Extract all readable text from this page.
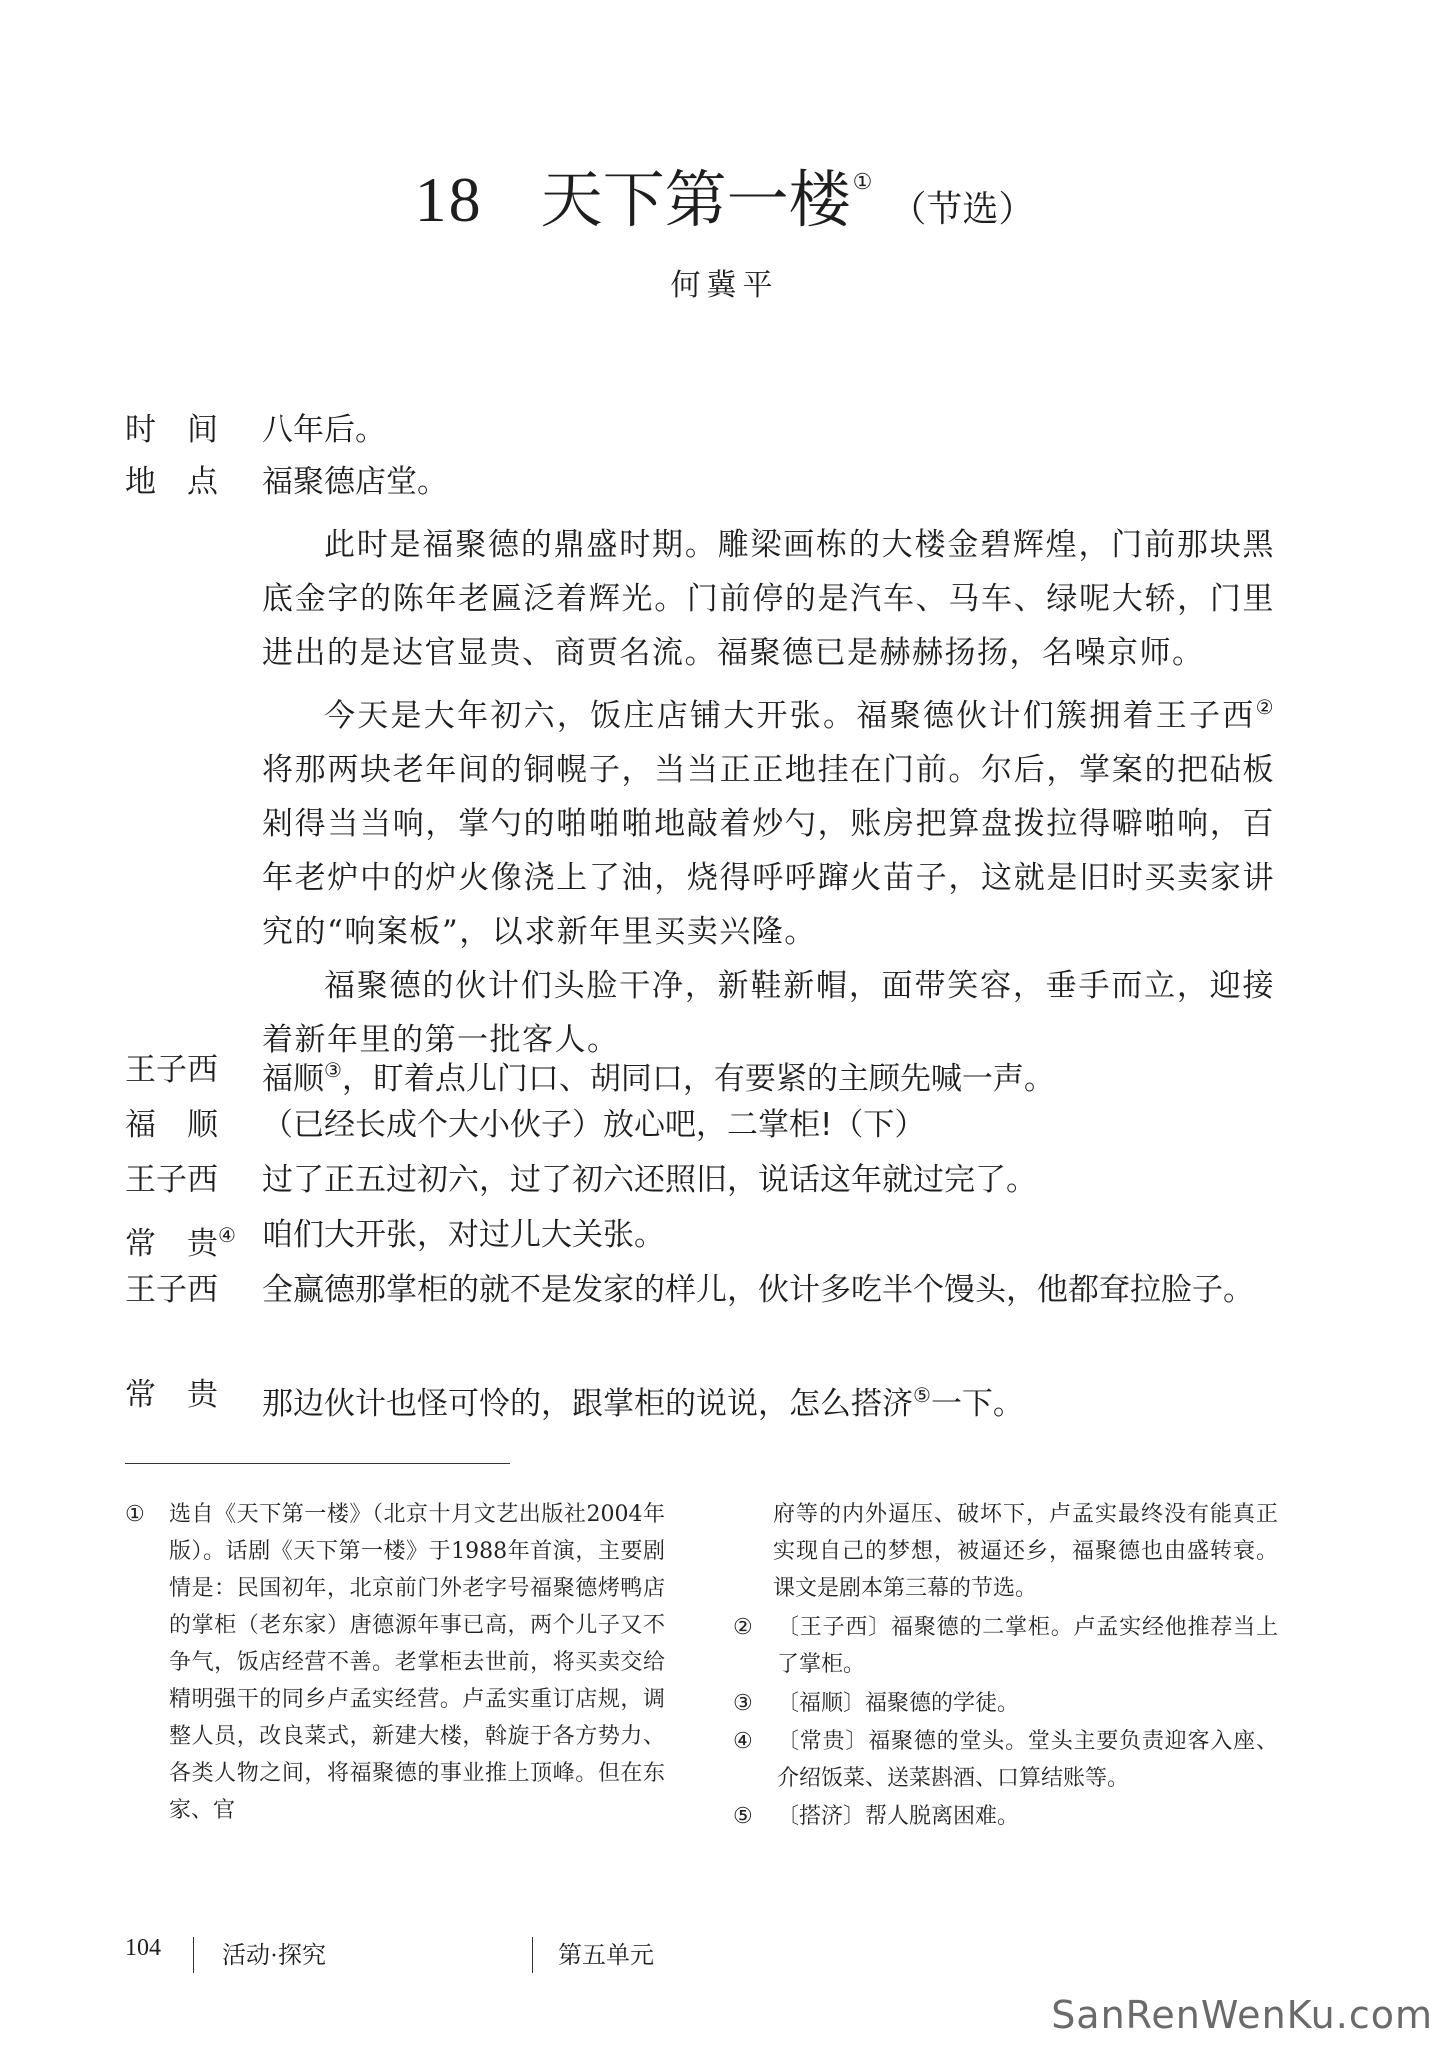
18 天下第一楼①（节选）
何冀平
时　间	八年后。
地　点	福聚德店堂。

此时是福聚德的鼎盛时期。雕梁画栋的大楼金碧辉煌，门前那块黑底金字的陈年老匾泛着辉光。门前停的是汽车、马车、绿呢大轿，门里进出的是达官显贵、商贾名流。福聚德已是赫赫扬扬，名噪京师。

今天是大年初六，饭庄店铺大开张。福聚德伙计们簇拥着王子西②将那两块老年间的铜幌子，当当正正地挂在门前。尔后，掌案的把砧板剁得当当响，掌勺的啪啪啪地敲着炒勺，账房把算盘拨拉得噼啪响，百年老炉中的炉火像浇上了油，烧得呼呼蹿火苗子，这就是旧时买卖家讲究的“响案板”，以求新年里买卖兴隆。

福聚德的伙计们头脸干净，新鞋新帽，面带笑容，垂手而立，迎接着新年里的第一批客人。

王子西	福顺③，盯着点儿门口、胡同口，有要紧的主顾先喊一声。
福　顺	（已经长成个大小伙子）放心吧，二掌柜!（下）
王子西	过了正五过初六，过了初六还照旧，说话这年就过完了。
常　贵④ 咱们大开张，对过儿大关张。
王子西	全赢德那掌柜的就不是发家的样儿，伙计多吃半个馒头，他都耷拉脸子。
常　贵	那边伙计也怪可怜的，跟掌柜的说说，怎么搭济⑤一下。
①	选自《天下第一楼》（北京十月文艺出版社2004年版）。话剧《天下第一楼》于1988年首演，主要剧情是：民国初年，北京前门外老字号福聚德烤鸭店的掌柜（老东家）唐德源年事已高，两个儿子又不争气，饭店经营不善。老掌柜去世前，将买卖交给精明强干的同乡卢孟实经营。卢孟实重订店规，调整人员，改良菜式，新建大楼，斡旋于各方势力、各类人物之间，将福聚德的事业推上顶峰。但在东家、官
府等的内外逼压、破坏下，卢孟实最终没有能真正实现自己的梦想，被逼还乡，福聚德也由盛转衰。课文是剧本第三幕的节选。
②	〔王子西〕福聚德的二掌柜。卢孟实经他推荐当上了掌柜。
③	〔福顺〕福聚德的学徒。
④	〔常贵〕福聚德的堂头。堂头主要负责迎客入座、介绍饭菜、送菜斟酒、口算结账等。
⑤	〔搭济〕帮人脱离困难。
104	活动·探究	第五单元
SanRenWenKu.com
